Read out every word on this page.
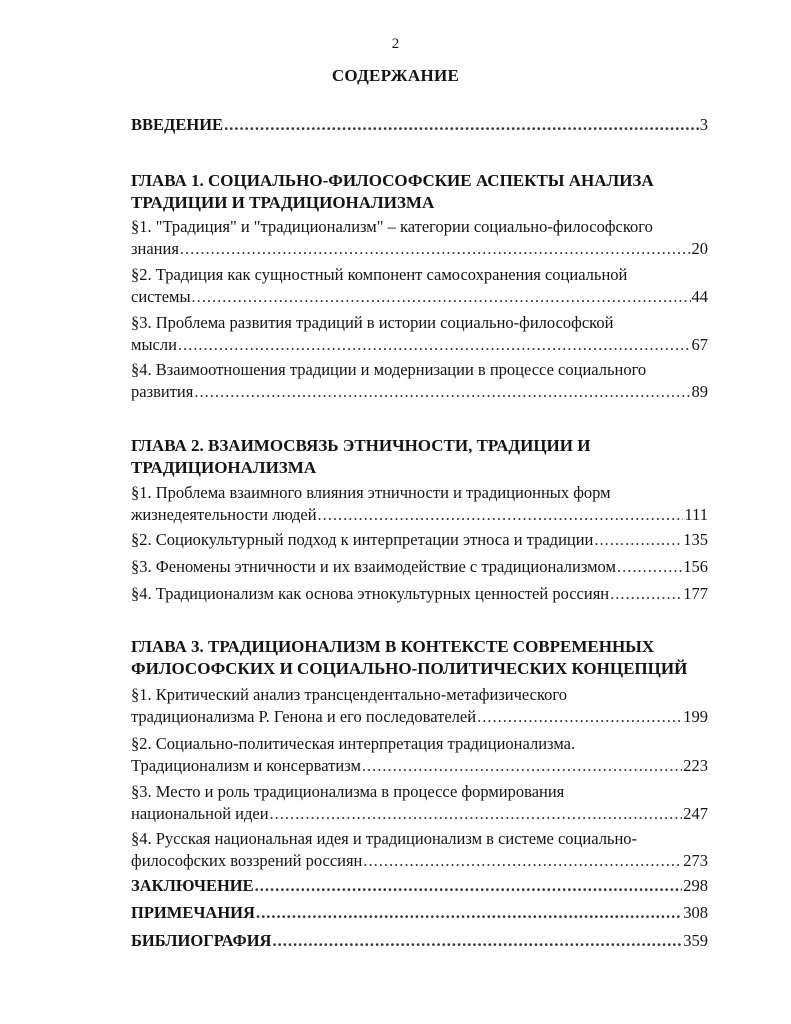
2
СОДЕРЖАНИЕ
ВВЕДЕНИЕ .....	3
ГЛАВА 1. СОЦИАЛЬНО-ФИЛОСОФСКИЕ АСПЕКТЫ АНАЛИЗА
ТРАДИЦИИ И ТРАДИЦИОНАЛИЗМА
§1. "Традиция" и "традиционализм" – категории социально-философского
знания .....	20
§2. Традиция как сущностный компонент самосохранения социальной
системы .....	44
§3. Проблема развития традиций в истории социально-философской
мысли .....	67
§4. Взаимоотношения традиции и модернизации в процессе социального
развития .....	89
ГЛАВА 2. ВЗАИМОСВЯЗЬ ЭТНИЧНОСТИ, ТРАДИЦИИ И
ТРАДИЦИОНАЛИЗМА
§1. Проблема взаимного влияния этничности и традиционных форм
жизнедеятельности людей .....	111
§2. Социокультурный подход к интерпретации этноса и традиции .....	135
§3. Феномены этничности и их взаимодействие с традиционализмом .....	156
§4. Традиционализм как основа этнокультурных ценностей россиян .....	177
ГЛАВА 3. ТРАДИЦИОНАЛИЗМ В КОНТЕКСТЕ СОВРЕМЕННЫХ
ФИЛОСОФСКИХ И СОЦИАЛЬНО-ПОЛИТИЧЕСКИХ КОНЦЕПЦИЙ
§1. Критический анализ трансцендентально-метафизического
традиционализма Р. Генона и его последователей .....	199
§2. Социально-политическая интерпретация традиционализма.
Традиционализм и консерватизм .....	223
§3. Место и роль традиционализма в процессе формирования
национальной идеи .....	247
§4. Русская национальная идея и традиционализм в системе социально-
философских воззрений россиян .....	273
ЗАКЛЮЧЕНИЕ .....	298
ПРИМЕЧАНИЯ .....	308
БИБЛИОГРАФИЯ .....	359
